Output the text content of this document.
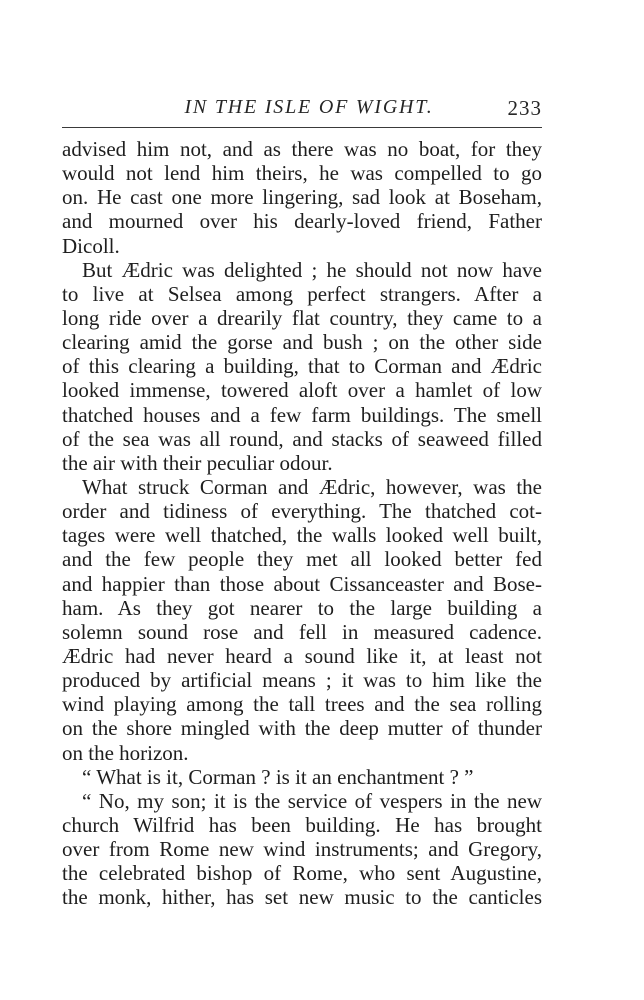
IN THE ISLE OF WIGHT.	233
advised him not, and as there was no boat, for they
would not lend him theirs, he was compelled to go
on. He cast one more lingering, sad look at Boseham,
and mourned over his dearly-loved friend, Father
Dicoll.
But Ædric was delighted ; he should not now have
to live at Selsea among perfect strangers. After a
long ride over a drearily flat country, they came to a
clearing amid the gorse and bush ; on the other side
of this clearing a building, that to Corman and Ædric
looked immense, towered aloft over a hamlet of low
thatched houses and a few farm buildings. The smell
of the sea was all round, and stacks of seaweed filled
the air with their peculiar odour.
What struck Corman and Ædric, however, was the
order and tidiness of everything. The thatched cot-
tages were well thatched, the walls looked well built,
and the few people they met all looked better fed
and happier than those about Cissanceaster and Bose-
ham. As they got nearer to the large building a
solemn sound rose and fell in measured cadence.
Ædric had never heard a sound like it, at least not
produced by artificial means ; it was to him like the
wind playing among the tall trees and the sea rolling
on the shore mingled with the deep mutter of thunder
on the horizon.
“ What is it, Corman ? is it an enchantment ? ”
“ No, my son; it is the service of vespers in the new
church Wilfrid has been building. He has brought
over from Rome new wind instruments; and Gregory,
the celebrated bishop of Rome, who sent Augustine,
the monk, hither, has set new music to the canticles
